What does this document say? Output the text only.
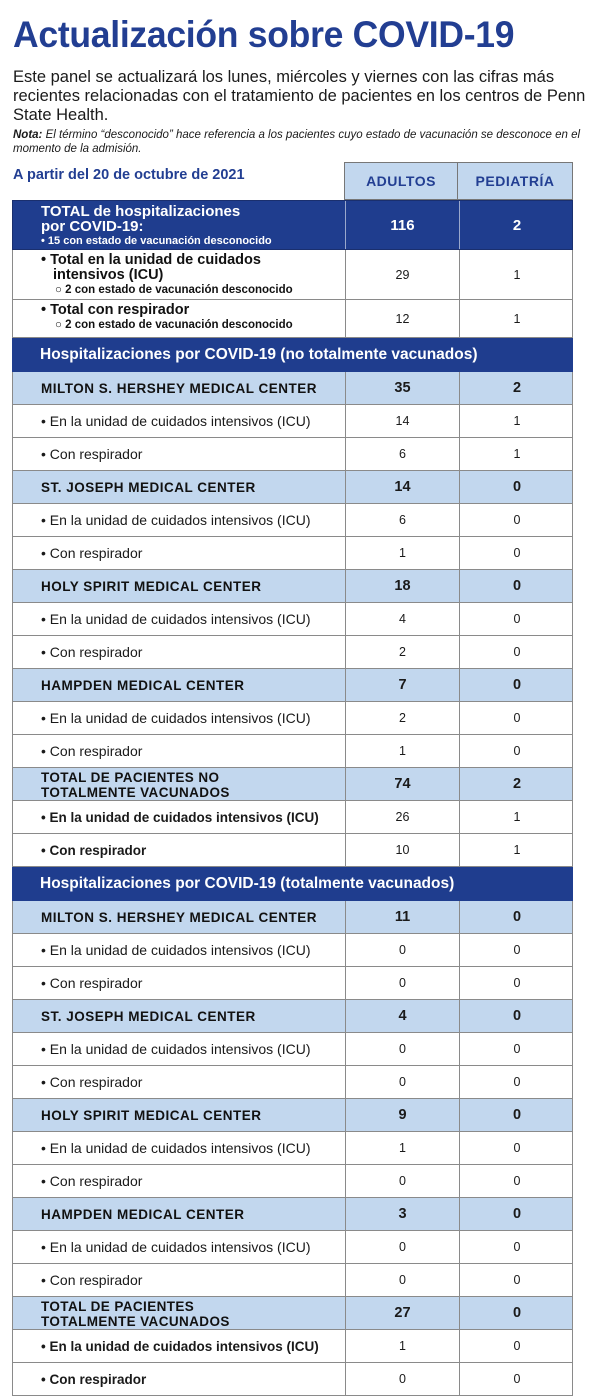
Actualización sobre COVID-19

Este panel se actualizará los lunes, miércoles y viernes con las cifras más recientes relacionadas con el tratamiento de pacientes en los centros de Penn State Health.

Nota: El término “desconocido” hace referencia a los pacientes cuyo estado de vacunación se desconoce en el momento de la admisión.

A partir del 20 de octubre de 2021	ADULTOS	PEDIATRÍA
TOTAL de hospitalizaciones
por COVID-19:
• 15 con estado de vacunación desconocido
116	2
• Total en la unidad de cuidados
intensivos (ICU)
○ 2 con estado de vacunación desconocido
29	1
• Total con respirador
○ 2 con estado de vacunación desconocido	12	1
Hospitalizaciones por COVID-19 (no totalmente vacunados)
MILTON S. HERSHEY MEDICAL CENTER	35	2
• En la unidad de cuidados intensivos (ICU)	14	1
• Con respirador	6	1
ST. JOSEPH MEDICAL CENTER	14	0
• En la unidad de cuidados intensivos (ICU)	6	0
• Con respirador	1	0
HOLY SPIRIT MEDICAL CENTER	18	0
• En la unidad de cuidados intensivos (ICU)	4	0
• Con respirador	2	0
HAMPDEN MEDICAL CENTER	7	0
• En la unidad de cuidados intensivos (ICU)	2	0
• Con respirador	1	0
TOTAL DE PACIENTES NO
TOTALMENTE VACUNADOS
74	2
• En la unidad de cuidados intensivos (ICU)	26	1
• Con respirador	10	1
Hospitalizaciones por COVID-19 (totalmente vacunados)
MILTON S. HERSHEY MEDICAL CENTER	11	0
• En la unidad de cuidados intensivos (ICU)	0	0
• Con respirador	0	0
ST. JOSEPH MEDICAL CENTER	4	0
• En la unidad de cuidados intensivos (ICU)	0	0
• Con respirador	0	0
HOLY SPIRIT MEDICAL CENTER	9	0
• En la unidad de cuidados intensivos (ICU)	1	0
• Con respirador	0	0
HAMPDEN MEDICAL CENTER	3	0
• En la unidad de cuidados intensivos (ICU)	0	0
• Con respirador	0	0
TOTAL DE PACIENTES
TOTALMENTE VACUNADOS
27	0
• En la unidad de cuidados intensivos (ICU)	1	0
• Con respirador	0	0
